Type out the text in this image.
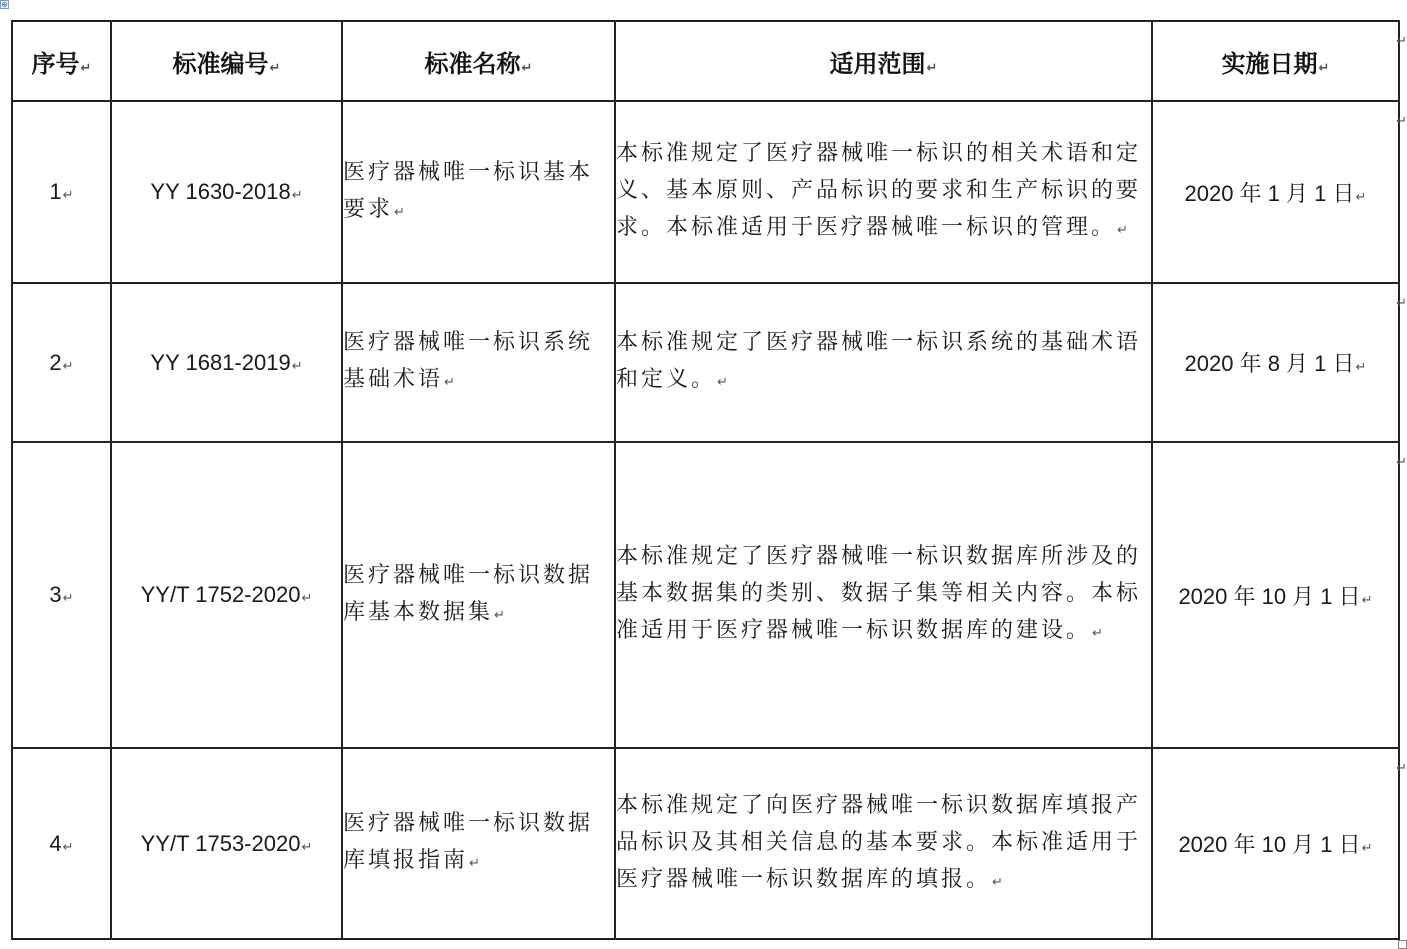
⊕
序号↵	标准编号↵	标准名称↵	适用范围↵	实施日期↵
1↵	YY 1630-2018↵	医疗器械唯一标识基本要求↵	本标准规定了医疗器械唯一标识的相关术语和定义、基本原则、产品标识的要求和生产标识的要求。本标准适用于医疗器械唯一标识的管理。↵	2020 年 1 月 1 日↵
2↵	YY 1681-2019↵	医疗器械唯一标识系统基础术语↵	本标准规定了医疗器械唯一标识系统的基础术语和定义。↵	2020 年 8 月 1 日↵
3↵	YY/T 1752-2020↵	医疗器械唯一标识数据库基本数据集↵	本标准规定了医疗器械唯一标识数据库所涉及的基本数据集的类别、数据子集等相关内容。本标准适用于医疗器械唯一标识数据库的建设。↵	2020 年 10 月 1 日↵
4↵	YY/T 1753-2020↵	医疗器械唯一标识数据库填报指南↵	本标准规定了向医疗器械唯一标识数据库填报产品标识及其相关信息的基本要求。本标准适用于医疗器械唯一标识数据库的填报。↵	2020 年 10 月 1 日↵
↵
↵
↵
↵
↵
